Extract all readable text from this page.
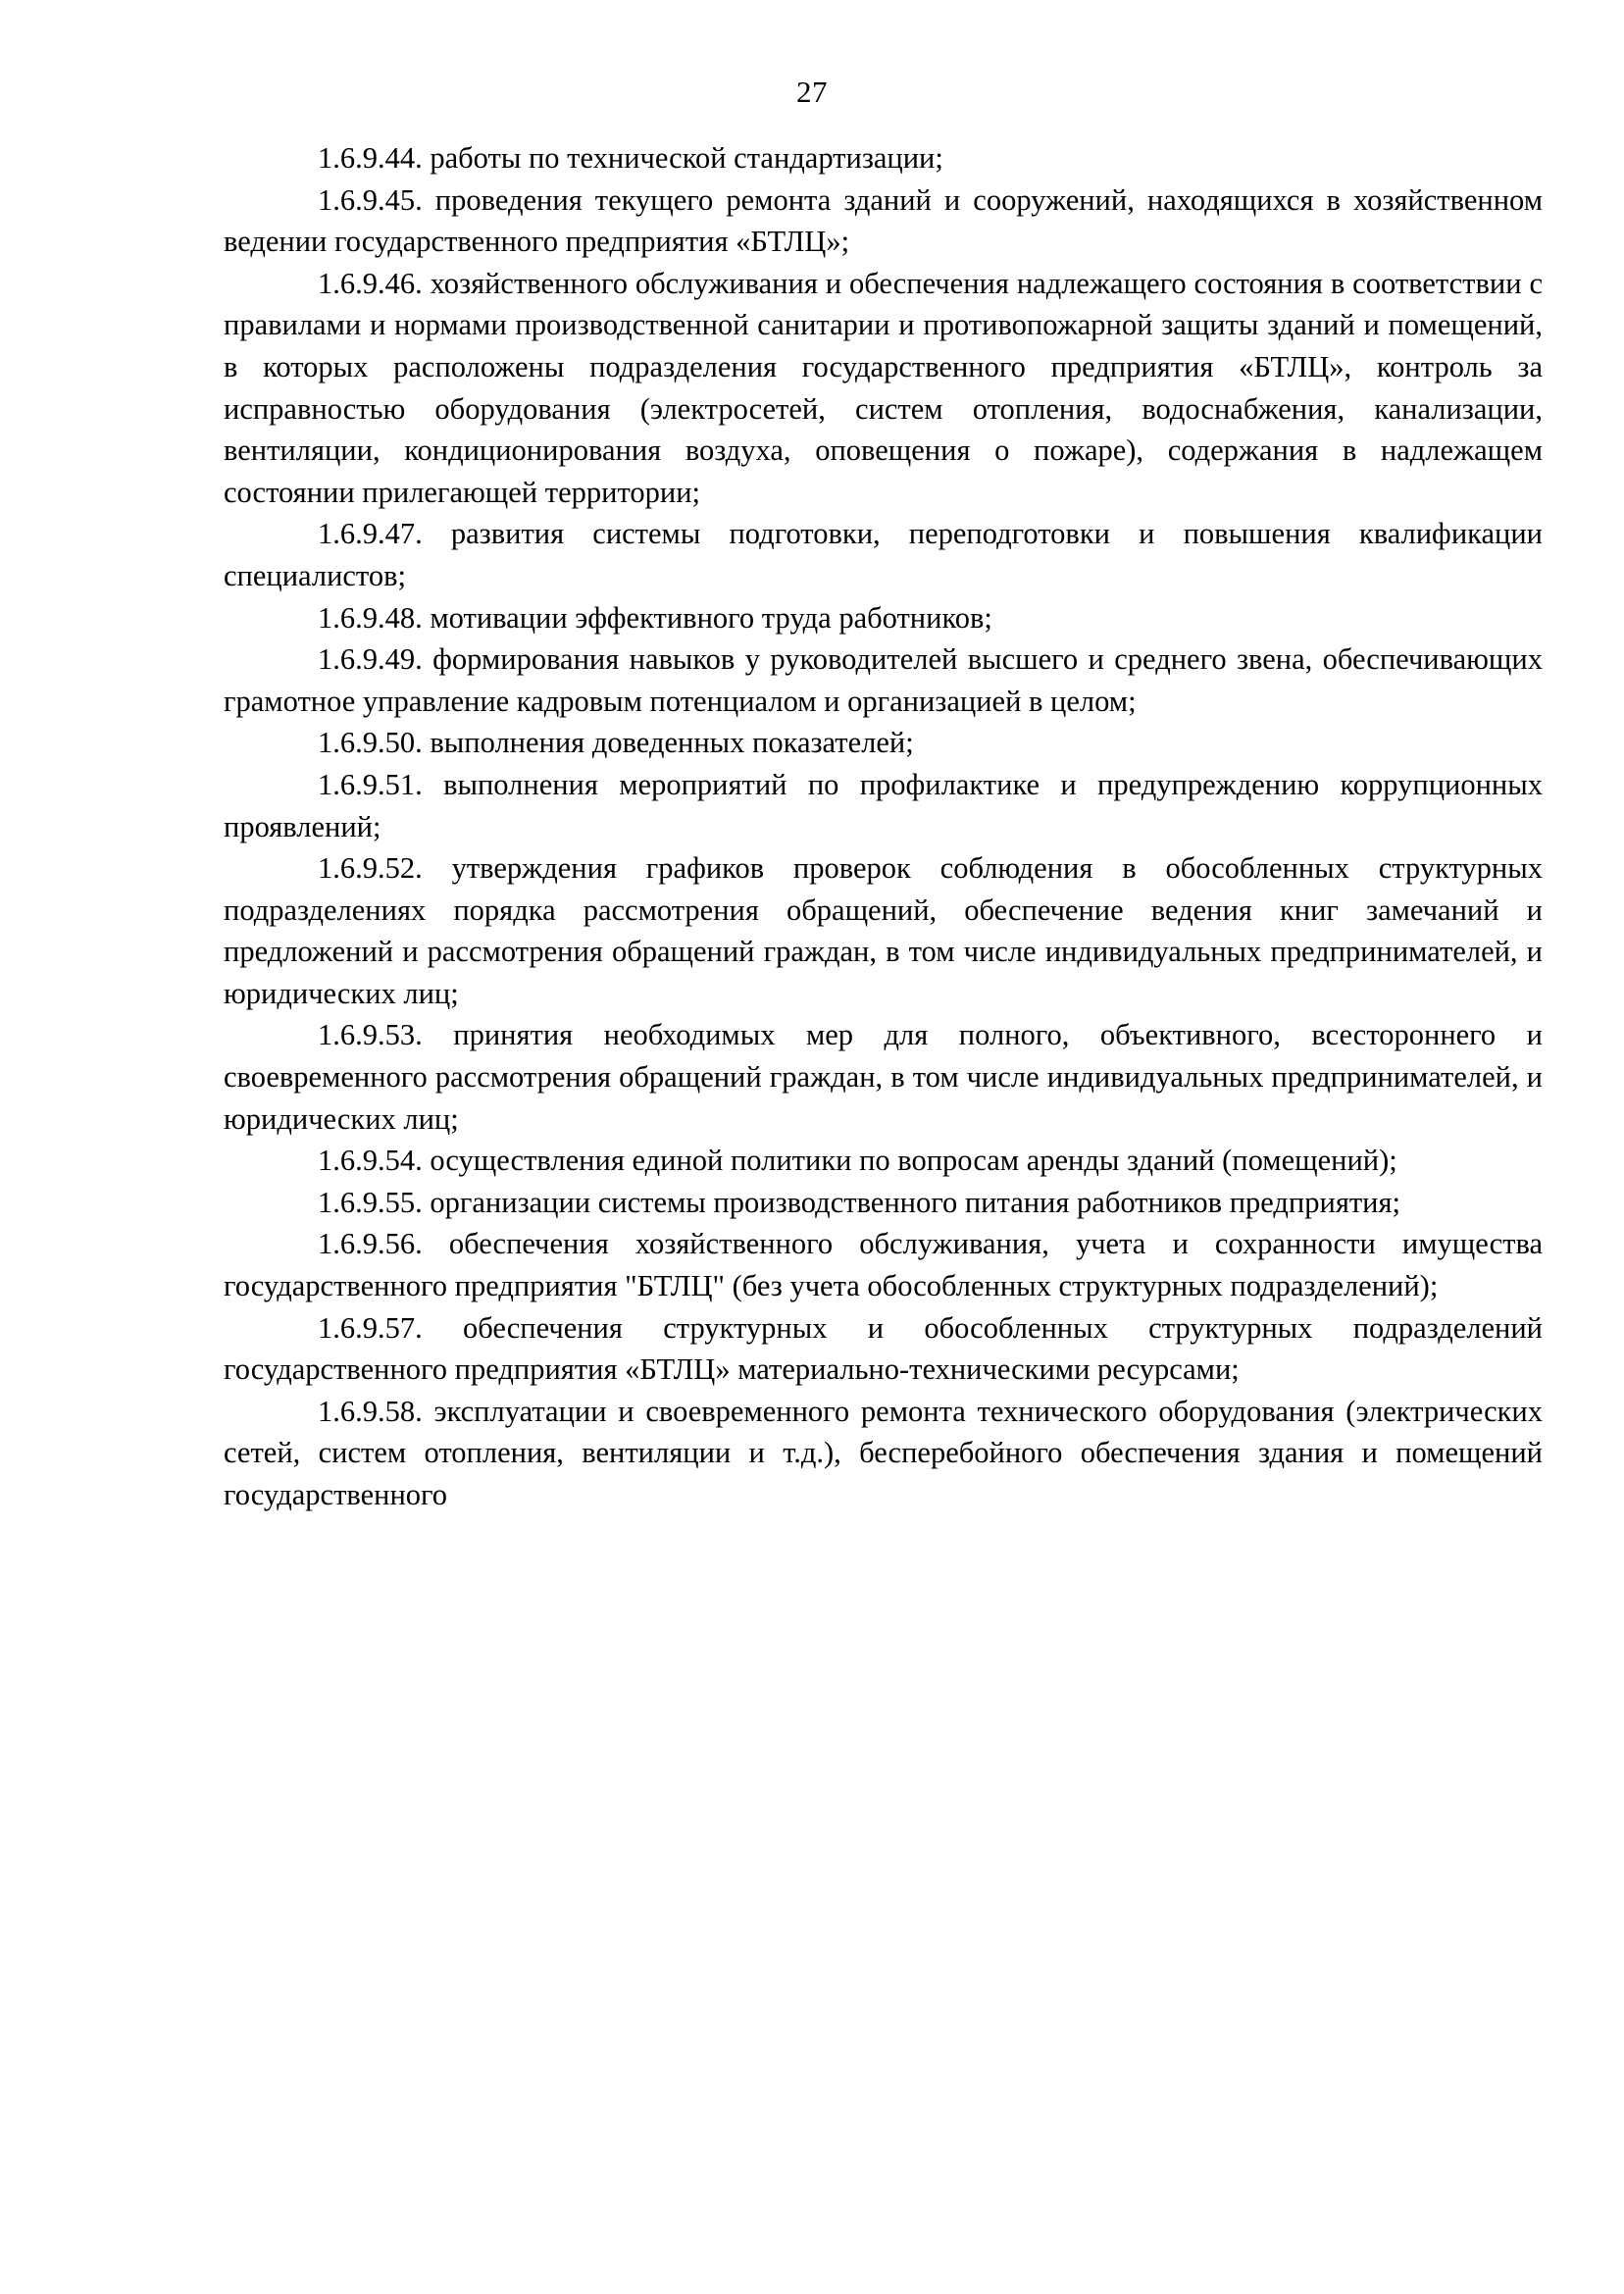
27

1.6.9.44. работы по технической стандартизации;

1.6.9.45. проведения текущего ремонта зданий и сооружений, находящихся в хозяйственном ведении государственного предприятия «БТЛЦ»;

1.6.9.46. хозяйственного обслуживания и обеспечения надлежащего состояния в соответствии с правилами и нормами производственной санитарии и противопожарной защиты зданий и помещений, в которых расположены подразделения государственного предприятия «БТЛЦ», контроль за исправностью оборудования (электросетей, систем отопления, водоснабжения, канализации, вентиляции, кондиционирования воздуха, оповещения о пожаре), содержания в надлежащем состоянии прилегающей территории;

1.6.9.47. развития системы подготовки, переподготовки и повышения квалификации специалистов;

1.6.9.48. мотивации эффективного труда работников;

1.6.9.49. формирования навыков у руководителей высшего и среднего звена, обеспечивающих грамотное управление кадровым потенциалом и организацией в целом;

1.6.9.50. выполнения доведенных показателей;

1.6.9.51. выполнения мероприятий по профилактике и предупреждению коррупционных проявлений;

1.6.9.52. утверждения графиков проверок соблюдения в обособленных структурных подразделениях порядка рассмотрения обращений, обеспечение ведения книг замечаний и предложений и рассмотрения обращений граждан, в том числе индивидуальных предпринимателей, и юридических лиц;

1.6.9.53. принятия необходимых мер для полного, объективного, всестороннего и своевременного рассмотрения обращений граждан, в том числе индивидуальных предпринимателей, и юридических лиц;

1.6.9.54. осуществления единой политики по вопросам аренды зданий (помещений);

1.6.9.55. организации системы производственного питания работников предприятия;

1.6.9.56. обеспечения хозяйственного обслуживания, учета и сохранности имущества государственного предприятия "БТЛЦ" (без учета обособленных структурных подразделений);

1.6.9.57. обеспечения структурных и обособленных структурных подразделений государственного предприятия «БТЛЦ» материально-техническими ресурсами;

1.6.9.58. эксплуатации и своевременного ремонта технического оборудования (электрических сетей, систем отопления, вентиляции и т.д.), бесперебойного обеспечения здания и помещений государственного
